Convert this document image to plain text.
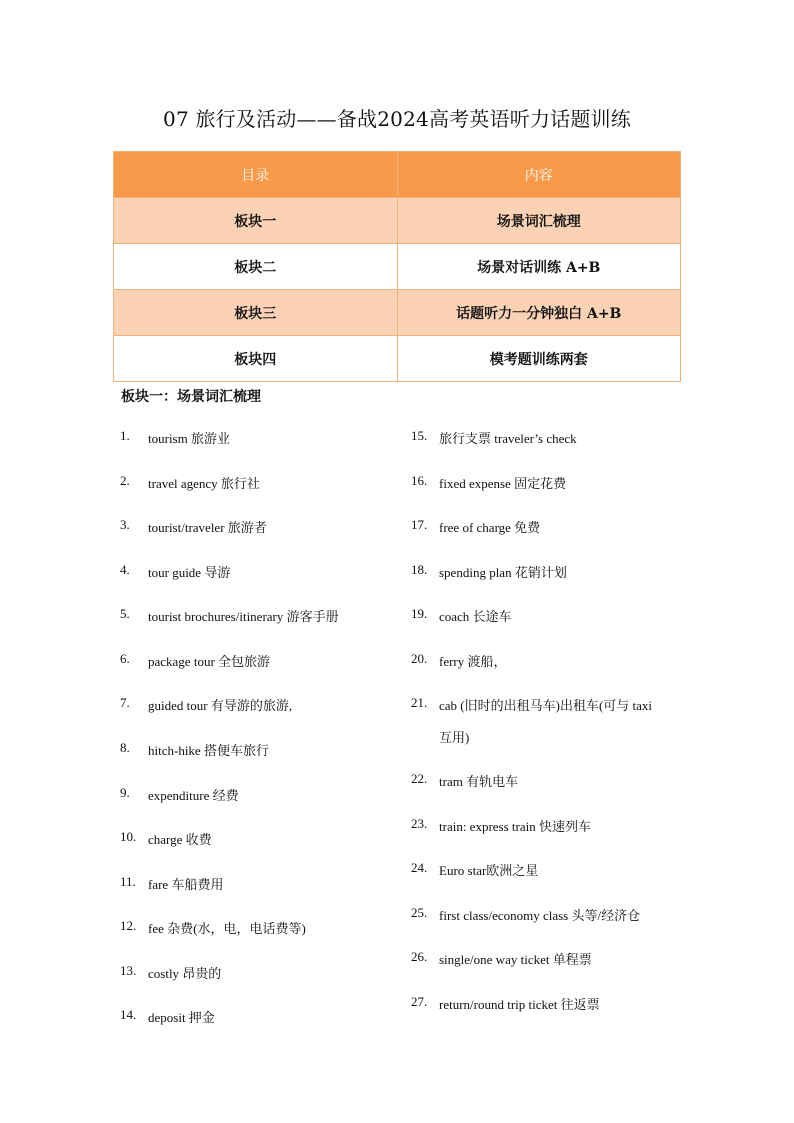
07 旅行及活动——备战2024高考英语听力话题训练
目录	内容
板块一	场景词汇梳理
板块二	场景对话训练 A+B
板块三	话题听力一分钟独白 A+B
板块四	模考题训练两套
板块一：场景词汇梳理
1. tourism 旅游业
2. travel agency 旅行社
3. tourist/traveler 旅游者
4. tour guide 导游
5. tourist brochures/itinerary 游客手册
6. package tour 全包旅游
7. guided tour 有导游的旅游,
8. hitch-hike 搭便车旅行
9. expenditure 经费
10. charge 收费
11. fare 车船费用
12. fee 杂费(水，电，电话费等)
13. costly 昂贵的
14. deposit 押金
15. 旅行支票 traveler’s check
16. fixed expense 固定花费
17. free of charge 免费
18. spending plan 花销计划
19. coach 长途车
20. ferry 渡船，
21. cab (旧时的出租马车)出租车(可与 taxi
互用)
22. tram 有轨电车
23. train: express train 快速列车
24. Euro star欧洲之星
25. first class/economy class 头等/经济仓
26. single/one way ticket 单程票
27. return/round trip ticket 往返票
